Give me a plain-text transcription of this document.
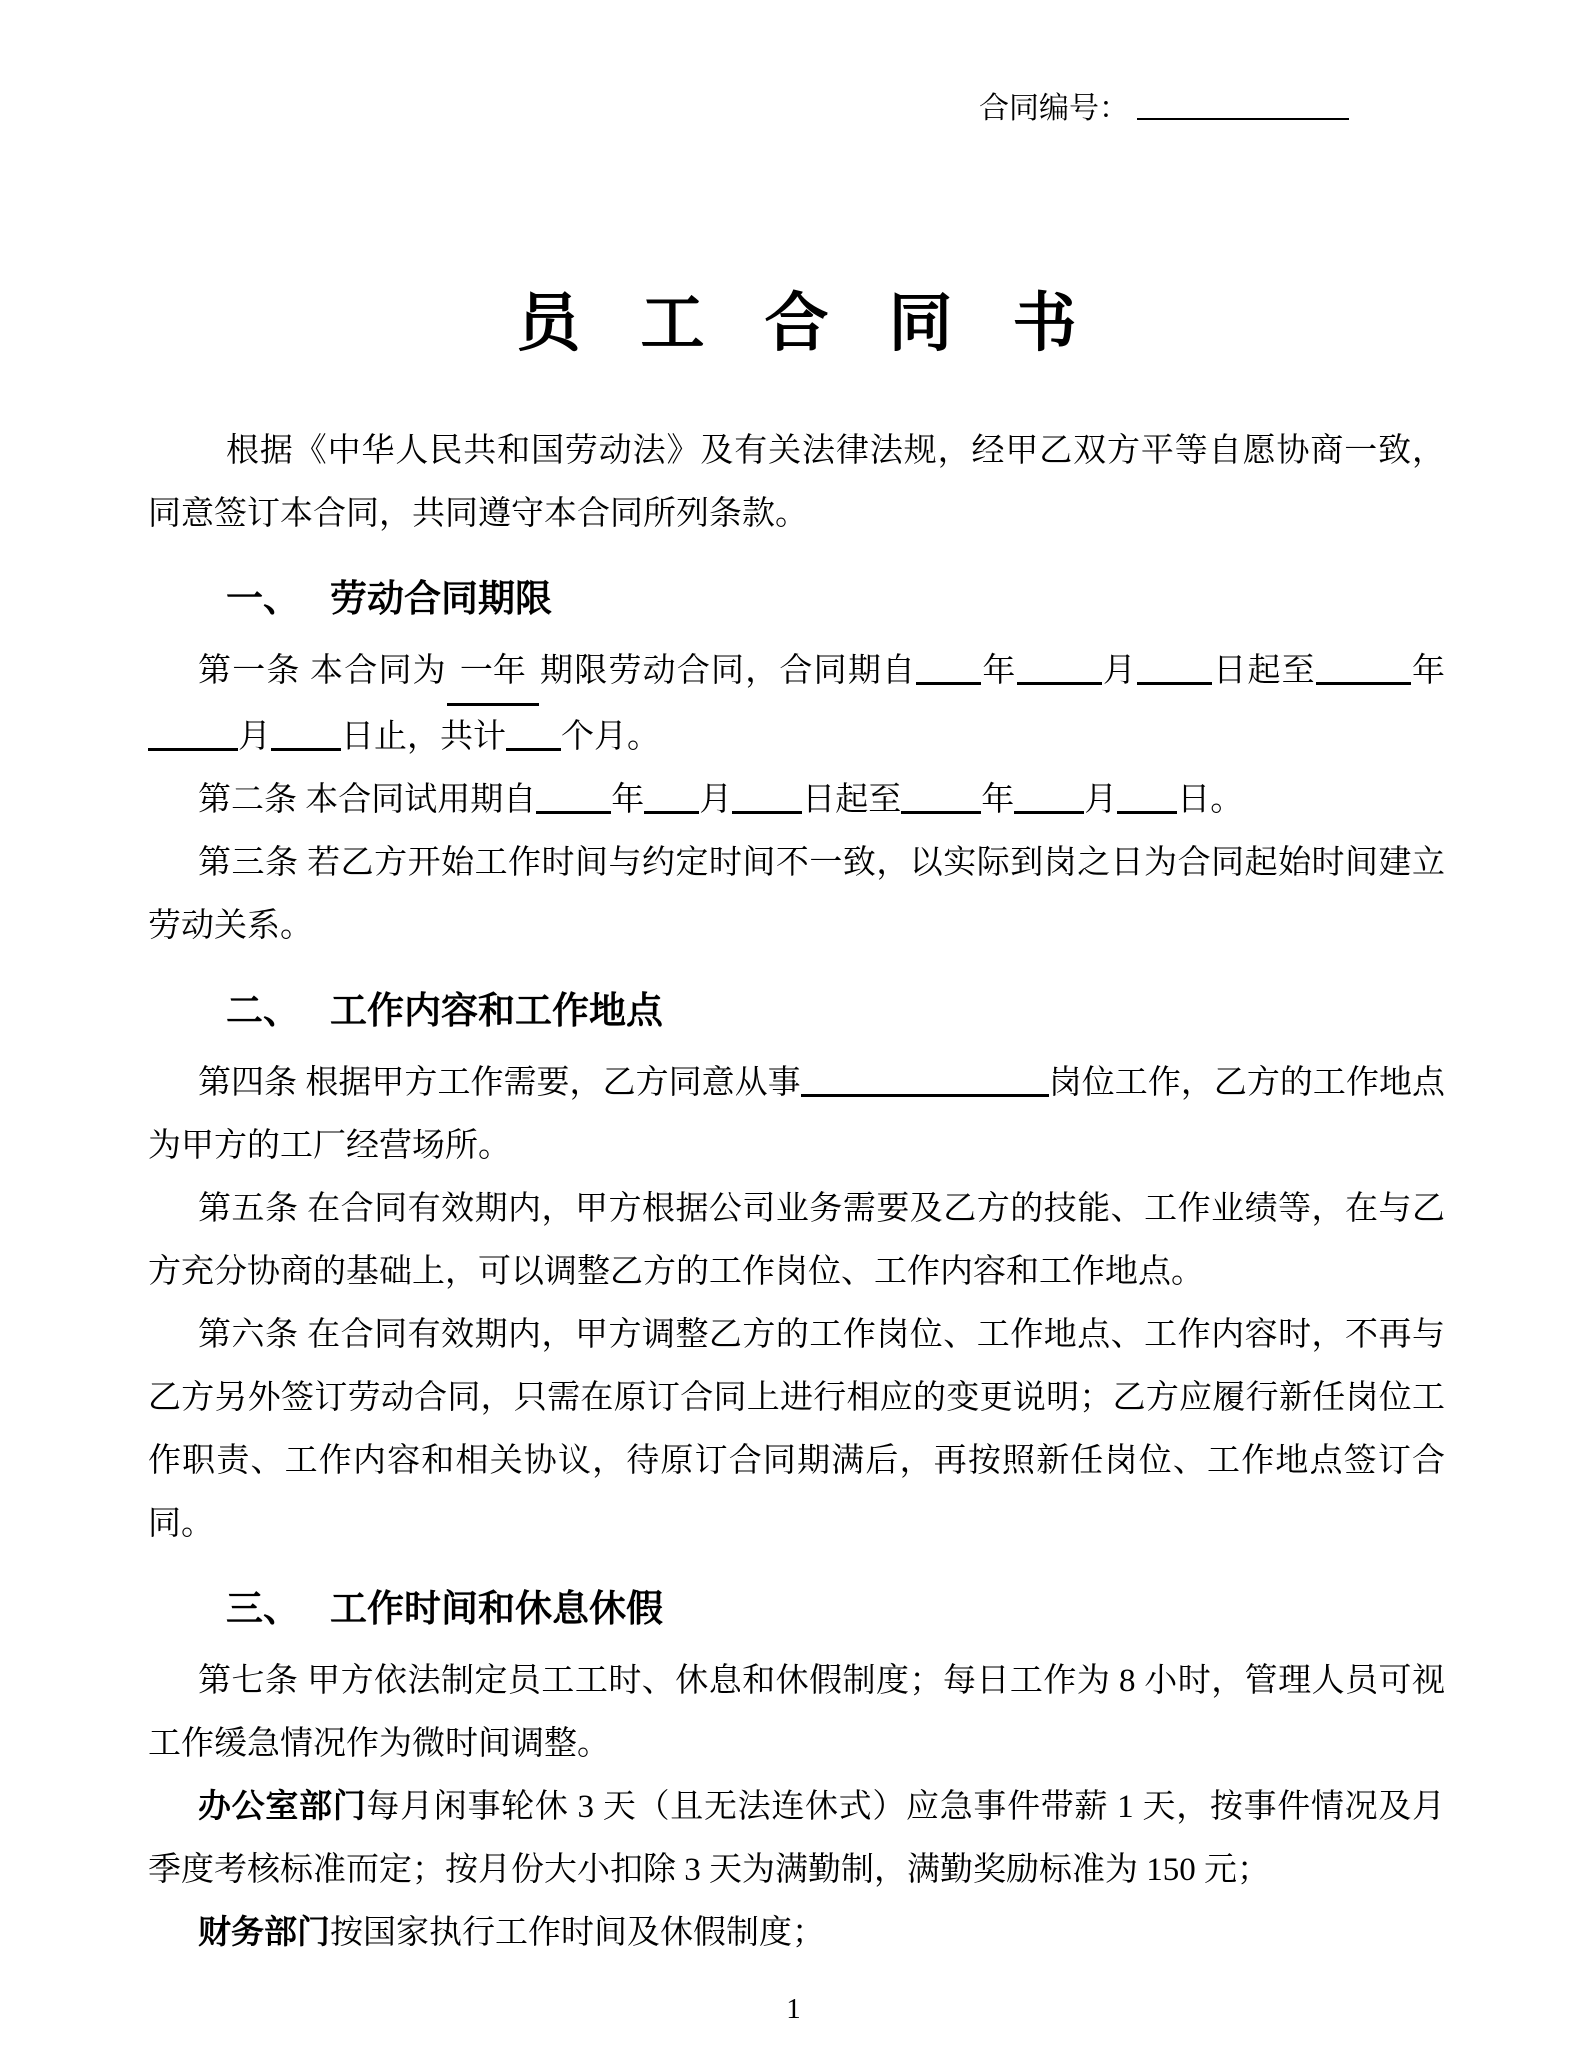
合同编号：
员 工 合 同 书

根据《中华人民共和国劳动法》及有关法律法规，经甲乙双方平等自愿协商一致，同意签订本合同，共同遵守本合同所列条款。

一、 劳动合同期限

第一条 本合同为 一年 期限劳动合同，合同期自 年	月 日起至	年月 日止，共计 个月。

第二条 本合同试用期自 年 月 日起至 年 月 日。

第三条 若乙方开始工作时间与约定时间不一致，以实际到岗之日为合同起始时间建立劳动关系。

二、 工作内容和工作地点

第四条 根据甲方工作需要，乙方同意从事	岗位工作，乙方的工作地点为甲方的工厂经营场所。

第五条 在合同有效期内，甲方根据公司业务需要及乙方的技能、工作业绩等，在与乙方充分协商的基础上，可以调整乙方的工作岗位、工作内容和工作地点。

第六条 在合同有效期内，甲方调整乙方的工作岗位、工作地点、工作内容时，不再与乙方另外签订劳动合同，只需在原订合同上进行相应的变更说明；乙方应履行新任岗位工作职责、工作内容和相关协议，待原订合同期满后，再按照新任岗位、工作地点签订合同。

三、 工作时间和休息休假

第七条 甲方依法制定员工工时、休息和休假制度；每日工作为 8 小时，管理人员可视工作缓急情况作为微时间调整。

办公室部门每月闲事轮休 3 天（且无法连休式）应急事件带薪 1 天，按事件情况及月季度考核标准而定；按月份大小扣除 3 天为满勤制，满勤奖励标准为 150 元；

财务部门按国家执行工作时间及休假制度；

1
